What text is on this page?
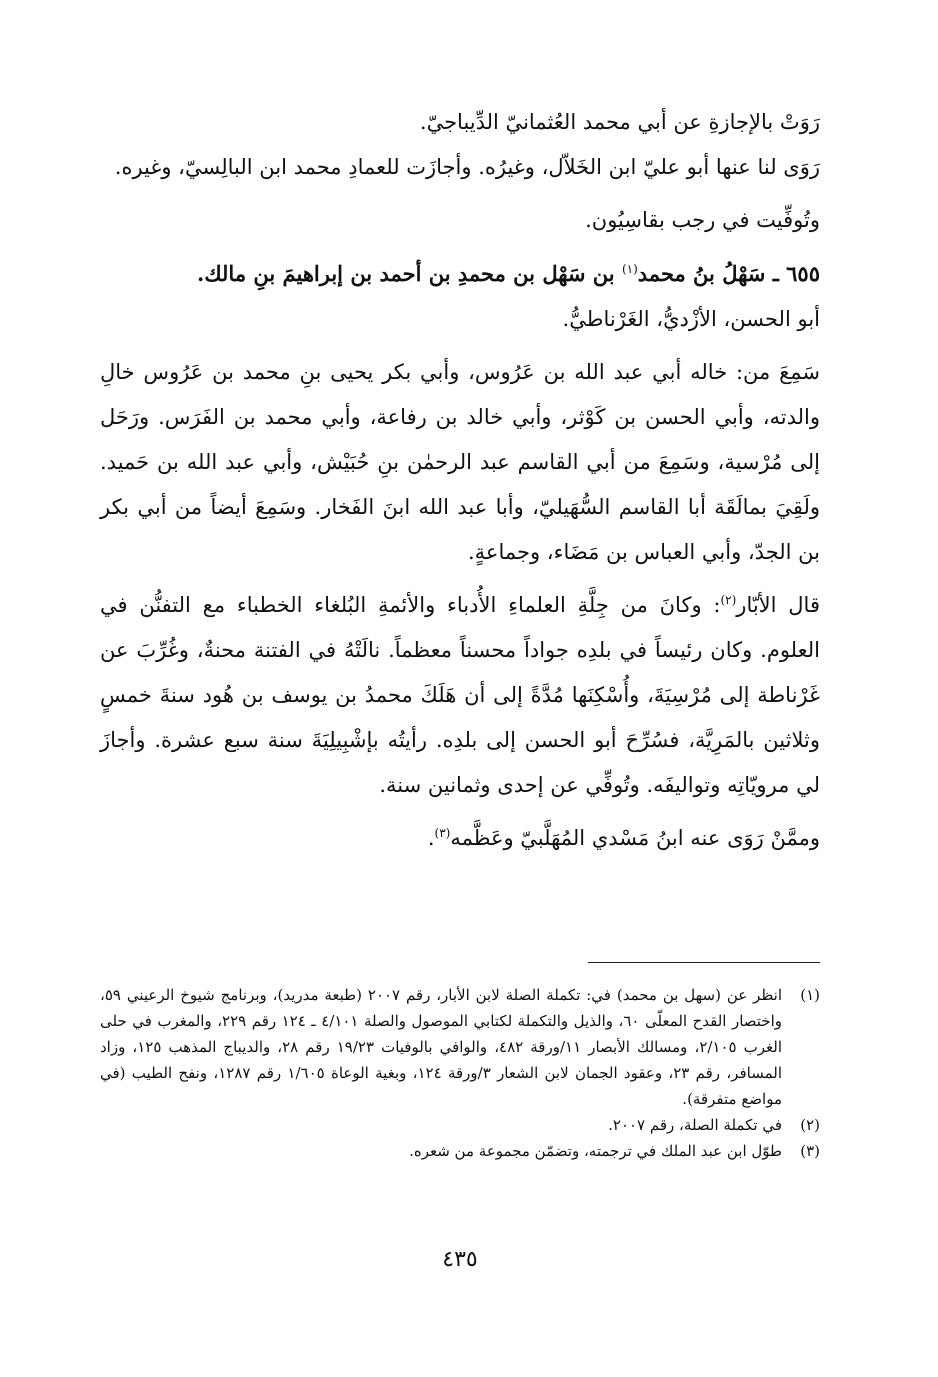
رَوَتْ بالإجازةِ عن أبي محمد العُثمانيّ الدِّيباجيّ.

رَوَى لنا عنها أبو عليّ ابن الخَلاّل، وغيرُه. وأجازَت للعمادِ محمد ابن البالِسيّ، وغيره.

وتُوفِّيت في رجب بقاسِيُون.

٦٥٥ ـ سَهْلُ بنُ محمد$^{(١)}$ بن سَهْل بن محمدِ بن أحمد بن إبراهيمَ بنِ مالك.

أبو الحسن، الأزْديُّ، الغَرْناطيُّ.

سَمِعَ من: خاله أبي عبد الله بن عَرُوس، وأبي بكر يحيى بنِ محمد بن عَرُوس خالِ والدته، وأبي الحسن بن كَوْثر، وأبي خالد بن رفاعة، وأبي محمد بن الفَرَس. ورَحَل إلى مُرْسية، وسَمِعَ من أبي القاسم عبد الرحمٰن بنِ حُبَيْش، وأبي عبد الله بن حَميد. ولَقِيَ بمالَقَة أبا القاسم السُّهَيليّ، وأبا عبد الله ابنَ الفَخار. وسَمِعَ أيضاً من أبي بكر بن الجدّ، وأبي العباس بن مَضَاء، وجماعةٍ.

قال الأبّار$^{(٢)}$: وكانَ من جِلَّةِ العلماءِ الأُدباء والأئمةِ البُلغاء الخطباء مع التفنُّن في العلوم. وكان رئيساً في بلدِه جواداً محسناً معظماً. نالَتْهُ في الفتنة محنةٌ، وغُرِّبَ عن غَرْناطة إلى مُرْسِيَةَ، وأُسْكِنَها مُدَّةً إلى أن هَلَكَ محمدُ بن يوسف بن هُود سنةَ خمسٍ وثلاثين بالمَرِيَّة، فسُرِّحَ أبو الحسن إلى بلدِه. رأيتُه بإشْبِيلِيَةَ سنة سبع عشرة. وأجازَ لي مرويّاتِه وتواليفَه. وتُوفِّي عن إحدى وثمانين سنة.

وممَّنْ رَوَى عنه ابنُ مَسْدي المُهَلَّبيّ وعَظَّمه$^{(٣)}$.

(١)
انظر عن (سهل بن محمد) في: تكملة الصلة لابن الأبار، رقم ٢٠٠٧ (طبعة مدريد)، وبرنامج شيوخ الرعيني ٥٩، واختصار القدح المعلّى ٦٠، والذيل والتكملة لكتابي الموصول والصلة ٤/١٠١ ـ ١٢٤ رقم ٢٢٩، والمغرب في حلى الغرب ٢/١٠٥، ومسالك الأبصار ١١/ورقة ٤٨٢، والوافي بالوفيات ١٩/٢٣ رقم ٢٨، والديباج المذهب ١٢٥، وزاد المسافر، رقم ٢٣، وعقود الجمان لابن الشعار ٣/ورقة ١٢٤، وبغية الوعاة ١/٦٠٥ رقم ١٢٨٧، ونفح الطيب (في مواضع متفرقة).
(٢)
في تكملة الصلة، رقم ٢٠٠٧.
(٣)
طوّل ابن عبد الملك في ترجمته، وتضمّن مجموعة من شعره.
٤٣٥
